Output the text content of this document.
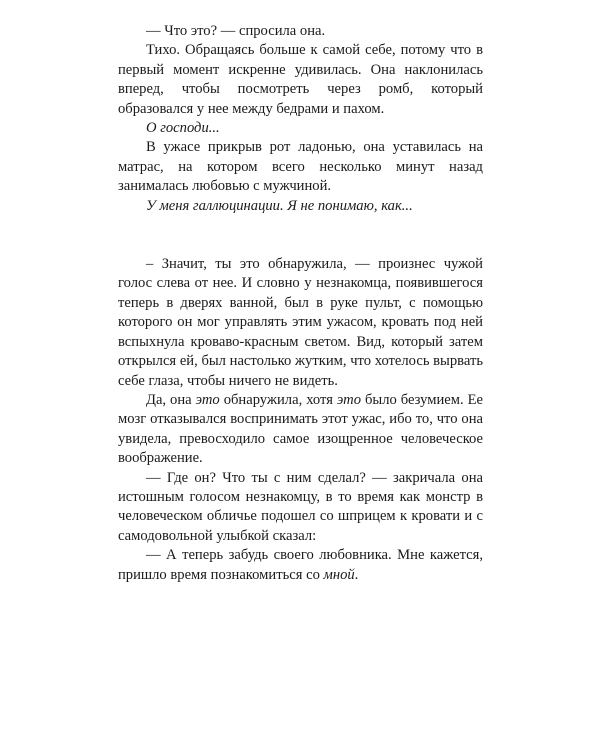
— Что это? — спросила она.

Тихо. Обращаясь больше к самой себе, потому что в первый момент искренне удивилась. Она наклонилась вперед, чтобы посмотреть через ромб, который образовался у нее между бедрами и пахом.

О господи...

В ужасе прикрыв рот ладонью, она уставилась на матрас, на котором всего несколько минут назад занималась любовью с мужчиной.

У меня галлюцинации. Я не понимаю, как...

– Значит, ты это обнаружила, — произнес чужой голос слева от нее. И словно у незнакомца, появившегося теперь в дверях ванной, был в руке пульт, с помощью которого он мог управлять этим ужасом, кровать под ней вспыхнула кроваво-красным светом. Вид, который затем открылся ей, был настолько жутким, что хотелось вырвать себе глаза, чтобы ничего не видеть.

Да, она это обнаружила, хотя это было безумием. Ее мозг отказывался воспринимать этот ужас, ибо то, что она увидела, превосходило самое изощренное человеческое воображение.

— Где он? Что ты с ним сделал? — закричала она истошным голосом незнакомцу, в то время как монстр в человеческом обличье подошел со шприцем к кровати и с самодовольной улыбкой сказал:

— А теперь забудь своего любовника. Мне кажется, пришло время познакомиться со мной.
